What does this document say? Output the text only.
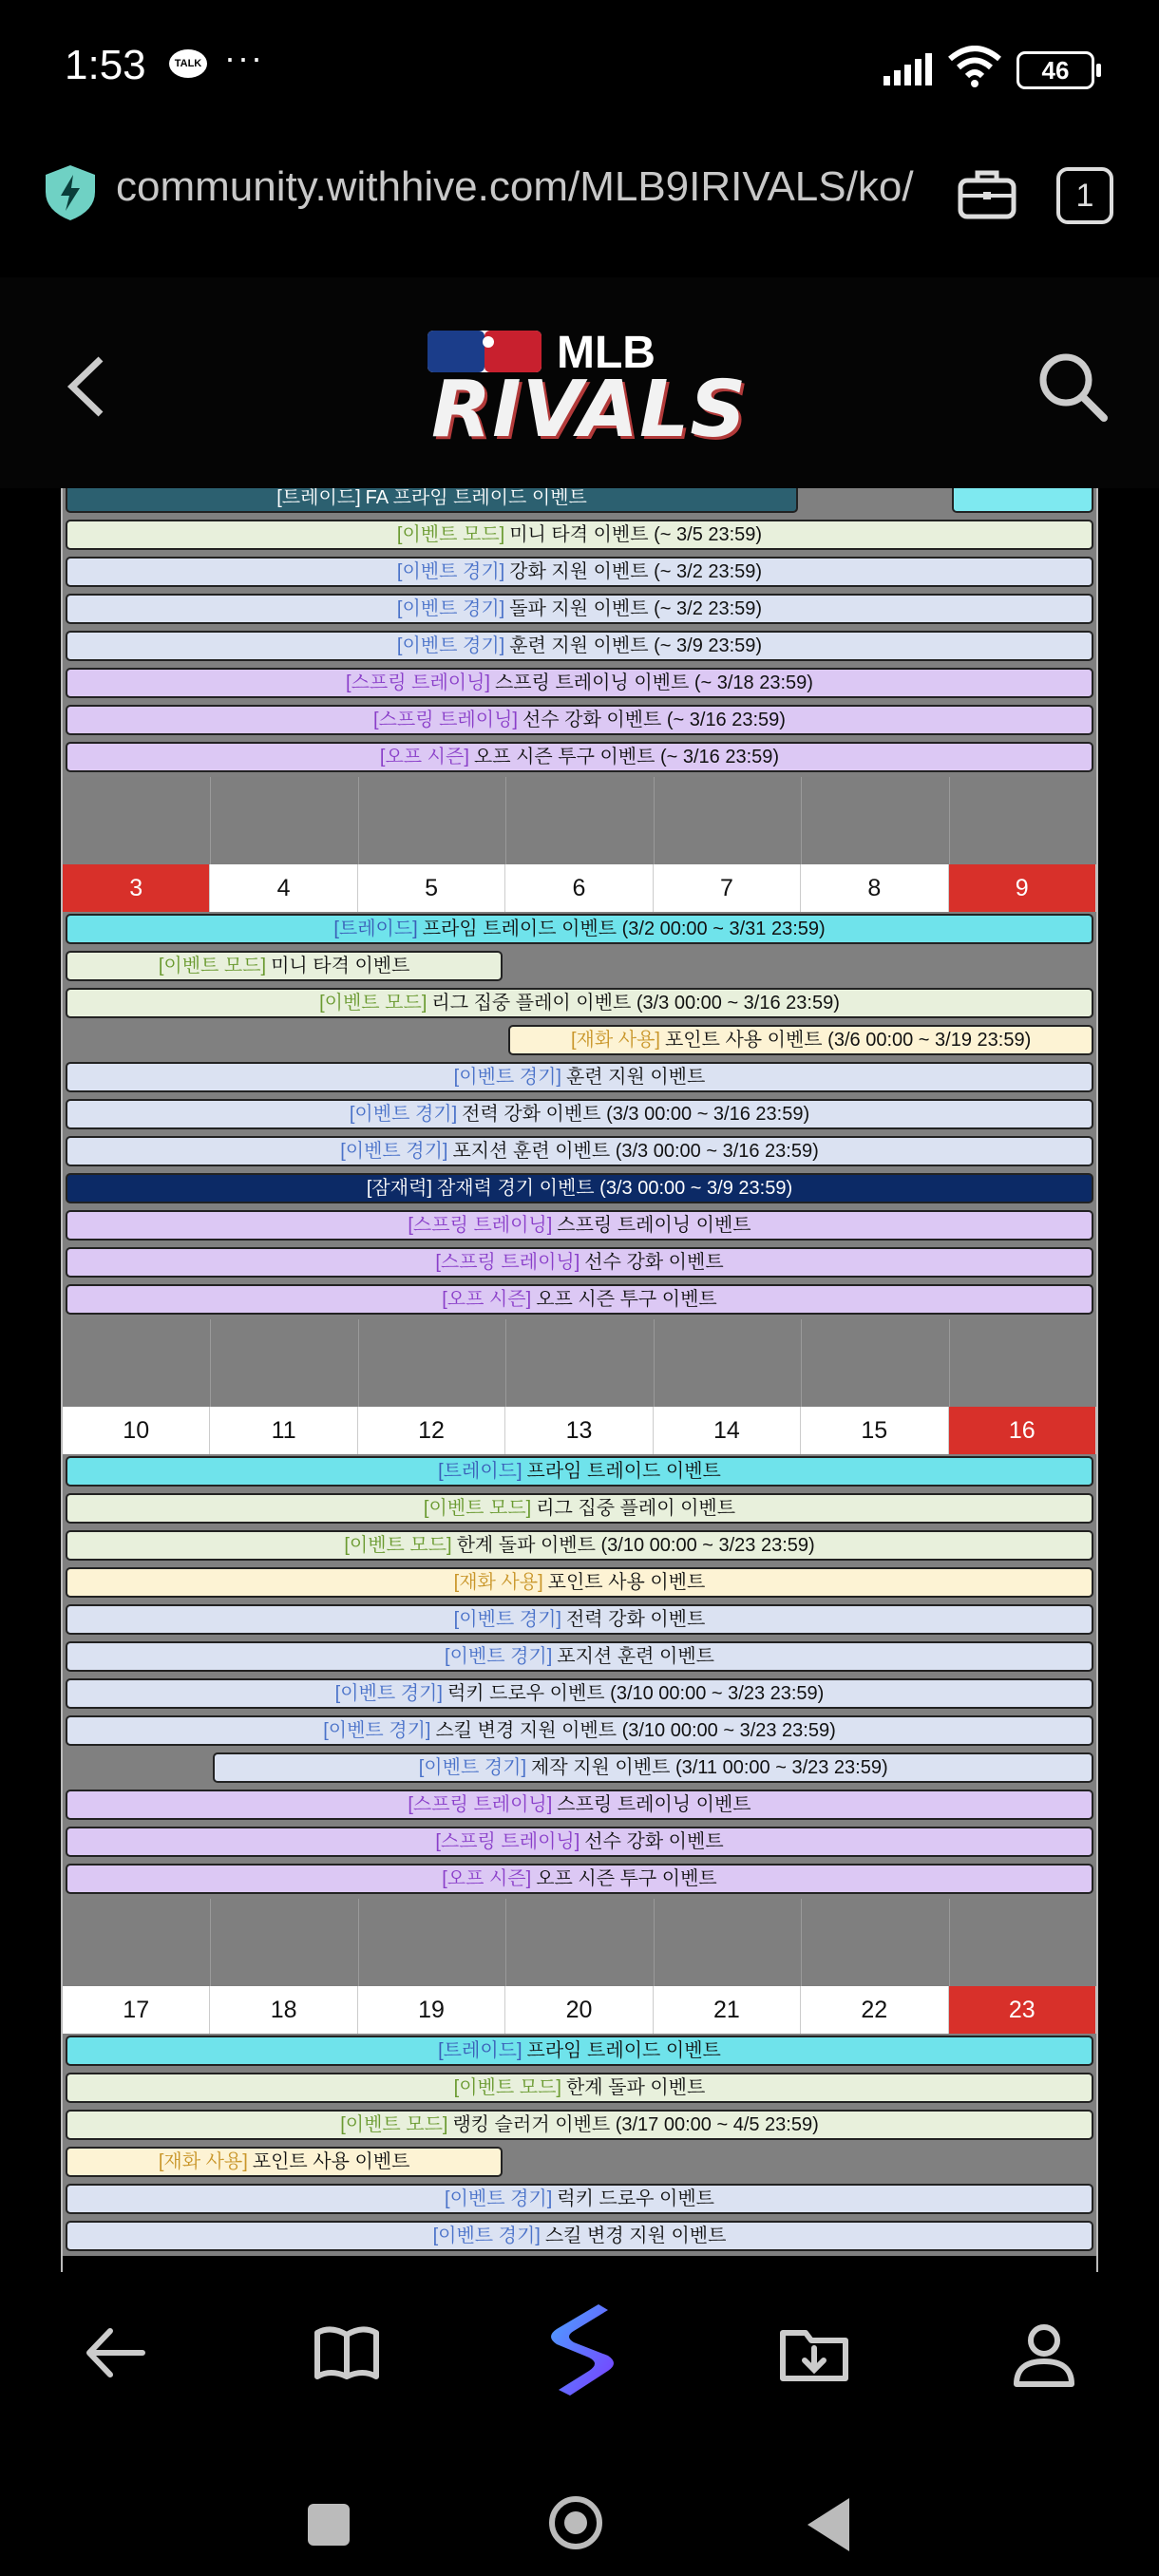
1:53	TALK ···	46
community.withhive.com/MLB9IRIVALS/ko/	1
MLB
RIVALS
[트레이드] FA 프라임 트레이드 이벤트
[이벤트 모드] 미니 타격 이벤트 (~ 3/5 23:59)
[이벤트 경기] 강화 지원 이벤트 (~ 3/2 23:59)
[이벤트 경기] 돌파 지원 이벤트 (~ 3/2 23:59)
[이벤트 경기] 훈련 지원 이벤트 (~ 3/9 23:59)
[스프링 트레이닝] 스프링 트레이닝 이벤트 (~ 3/18 23:59)
[스프링 트레이닝] 선수 강화 이벤트 (~ 3/16 23:59)
[오프 시즌] 오프 시즌 투구 이벤트 (~ 3/16 23:59)
3	4	5	6	7	8	9
[트레이드] 프라임 트레이드 이벤트 (3/2 00:00 ~ 3/31 23:59)
[이벤트 모드] 미니 타격 이벤트
[이벤트 모드] 리그 집중 플레이 이벤트 (3/3 00:00 ~ 3/16 23:59)
[재화 사용] 포인트 사용 이벤트 (3/6 00:00 ~ 3/19 23:59)
[이벤트 경기] 훈련 지원 이벤트
[이벤트 경기] 전력 강화 이벤트 (3/3 00:00 ~ 3/16 23:59)
[이벤트 경기] 포지션 훈련 이벤트 (3/3 00:00 ~ 3/16 23:59)
[잠재력] 잠재력 경기 이벤트 (3/3 00:00 ~ 3/9 23:59)
[스프링 트레이닝] 스프링 트레이닝 이벤트
[스프링 트레이닝] 선수 강화 이벤트
[오프 시즌] 오프 시즌 투구 이벤트
10	11	12	13	14	15	16
[트레이드] 프라임 트레이드 이벤트
[이벤트 모드] 리그 집중 플레이 이벤트
[이벤트 모드] 한계 돌파 이벤트 (3/10 00:00 ~ 3/23 23:59)
[재화 사용] 포인트 사용 이벤트
[이벤트 경기] 전력 강화 이벤트
[이벤트 경기] 포지션 훈련 이벤트
[이벤트 경기] 럭키 드로우 이벤트 (3/10 00:00 ~ 3/23 23:59)
[이벤트 경기] 스킬 변경 지원 이벤트 (3/10 00:00 ~ 3/23 23:59)
[이벤트 경기] 제작 지원 이벤트 (3/11 00:00 ~ 3/23 23:59)
[스프링 트레이닝] 스프링 트레이닝 이벤트
[스프링 트레이닝] 선수 강화 이벤트
[오프 시즌] 오프 시즌 투구 이벤트
17	18	19	20	21	22	23
[트레이드] 프라임 트레이드 이벤트
[이벤트 모드] 한계 돌파 이벤트
[이벤트 모드] 랭킹 슬러거 이벤트 (3/17 00:00 ~ 4/5 23:59)
[재화 사용] 포인트 사용 이벤트
[이벤트 경기] 럭키 드로우 이벤트
[이벤트 경기] 스킬 변경 지원 이벤트
